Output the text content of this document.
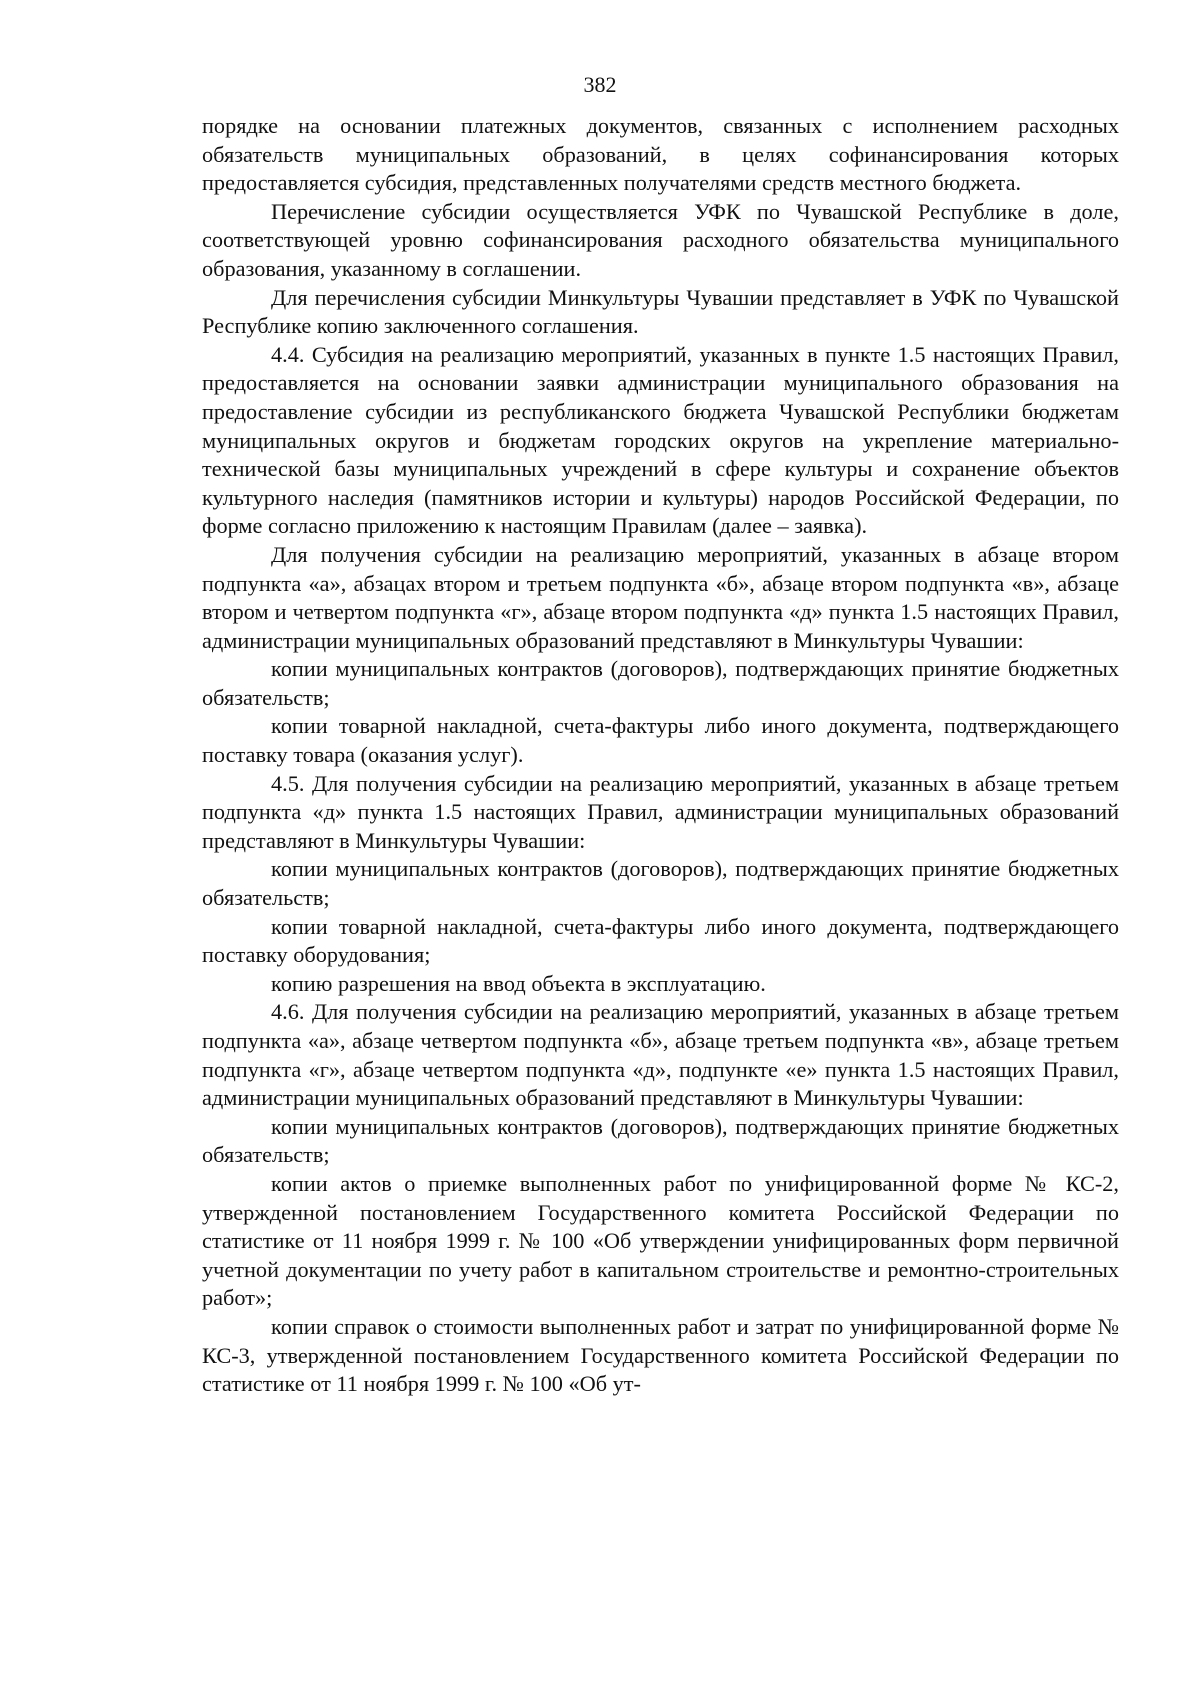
382

порядке на основании платежных документов, связанных с исполнением расходных обязательств муниципальных образований, в целях софинансирования которых предоставляется субсидия, представленных получателями средств местного бюджета.

Перечисление субсидии осуществляется УФК по Чувашской Республике в доле, соответствующей уровню софинансирования расходного обязательства муниципального образования, указанному в соглашении.

Для перечисления субсидии Минкультуры Чувашии представляет в УФК по Чувашской Республике копию заключенного соглашения.

4.4. Субсидия на реализацию мероприятий, указанных в пункте 1.5 настоящих Правил, предоставляется на основании заявки администрации муниципального образования на предоставление субсидии из республиканского бюджета Чувашской Республики бюджетам муниципальных округов и бюджетам городских округов на укрепление материально-технической базы муниципальных учреждений в сфере культуры и сохранение объектов культурного наследия (памятников истории и культуры) народов Российской Федерации, по форме согласно приложению к настоящим Правилам (далее – заявка).

Для получения субсидии на реализацию мероприятий, указанных в абзаце втором подпункта «а», абзацах втором и третьем подпункта «б», абзаце втором подпункта «в», абзаце втором и четвертом подпункта «г», абзаце втором подпункта «д» пункта 1.5 настоящих Правил, администрации муниципальных образований представляют в Минкультуры Чувашии:

копии муниципальных контрактов (договоров), подтверждающих принятие бюджетных обязательств;

копии товарной накладной, счета-фактуры либо иного документа, подтверждающего поставку товара (оказания услуг).

4.5. Для получения субсидии на реализацию мероприятий, указанных в абзаце третьем подпункта «д» пункта 1.5 настоящих Правил, администрации муниципальных образований представляют в Минкультуры Чувашии:

копии муниципальных контрактов (договоров), подтверждающих принятие бюджетных обязательств;

копии товарной накладной, счета-фактуры либо иного документа, подтверждающего поставку оборудования;

копию разрешения на ввод объекта в эксплуатацию.

4.6. Для получения субсидии на реализацию мероприятий, указанных в абзаце третьем подпункта «а», абзаце четвертом подпункта «б», абзаце третьем подпункта «в», абзаце третьем подпункта «г», абзаце четвертом подпункта «д», подпункте «е» пункта 1.5 настоящих Правил, администрации муниципальных образований представляют в Минкультуры Чувашии:

копии муниципальных контрактов (договоров), подтверждающих принятие бюджетных обязательств;

копии актов о приемке выполненных работ по унифицированной форме № КС-2, утвержденной постановлением Государственного комитета Российской Федерации по статистике от 11 ноября 1999 г. № 100 «Об утверждении унифицированных форм первичной учетной документации по учету работ в капитальном строительстве и ремонтно-строительных работ»;

копии справок о стоимости выполненных работ и затрат по унифицированной форме № КС-3, утвержденной постановлением Государственного комитета Российской Федерации по статистике от 11 ноября 1999 г. № 100 «Об ут-
